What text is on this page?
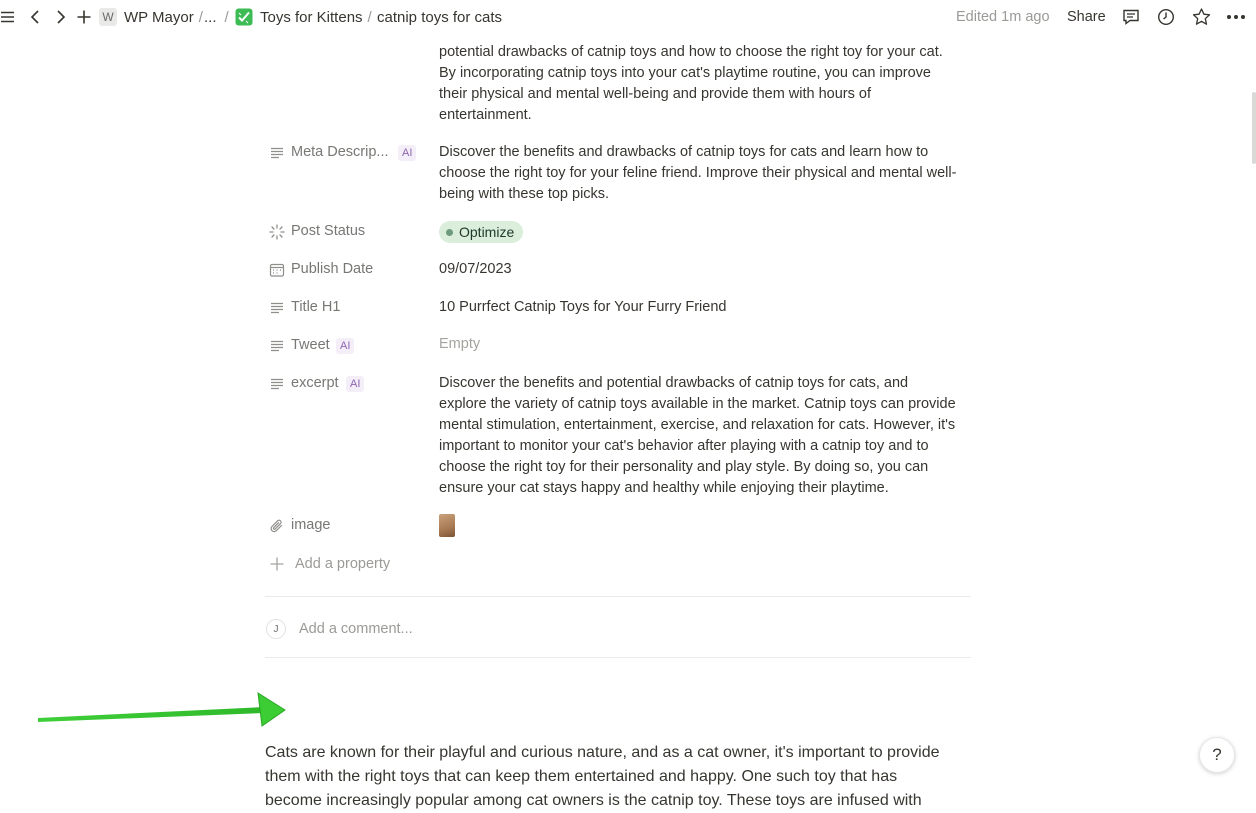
W WP Mayor / ... / Toys for Kittens / catnip toys for cats	Edited 1m ago Share
potential drawbacks of catnip toys and how to choose the right toy for your cat.
By incorporating catnip toys into your cat's playtime routine, you can improve
their physical and mental well-being and provide them with hours of
entertainment.
Meta Descrip...	AI Discover the benefits and drawbacks of catnip toys for cats and learn how to
choose the right toy for your feline friend. Improve their physical and mental well-
being with these top picks.
Post Status	Optimize
Publish Date	09/07/2023
Title H1	10 Purrfect Catnip Toys for Your Furry Friend
Tweet AI	Empty
excerpt	AI	Discover the benefits and potential drawbacks of catnip toys for cats, and
explore the variety of catnip toys available in the market. Catnip toys can provide
mental stimulation, entertainment, exercise, and relaxation for cats. However, it's
important to monitor your cat's behavior after playing with a catnip toy and to
choose the right toy for their personality and play style. By doing so, you can
ensure your cat stays happy and healthy while enjoying their playtime.
image
Add a property
J	Add a comment...
Cats are known for their playful and curious nature, and as a cat owner, it's important to provide
them with the right toys that can keep them entertained and happy. One such toy that has
become increasingly popular among cat owners is the catnip toy. These toys are infused with
?
